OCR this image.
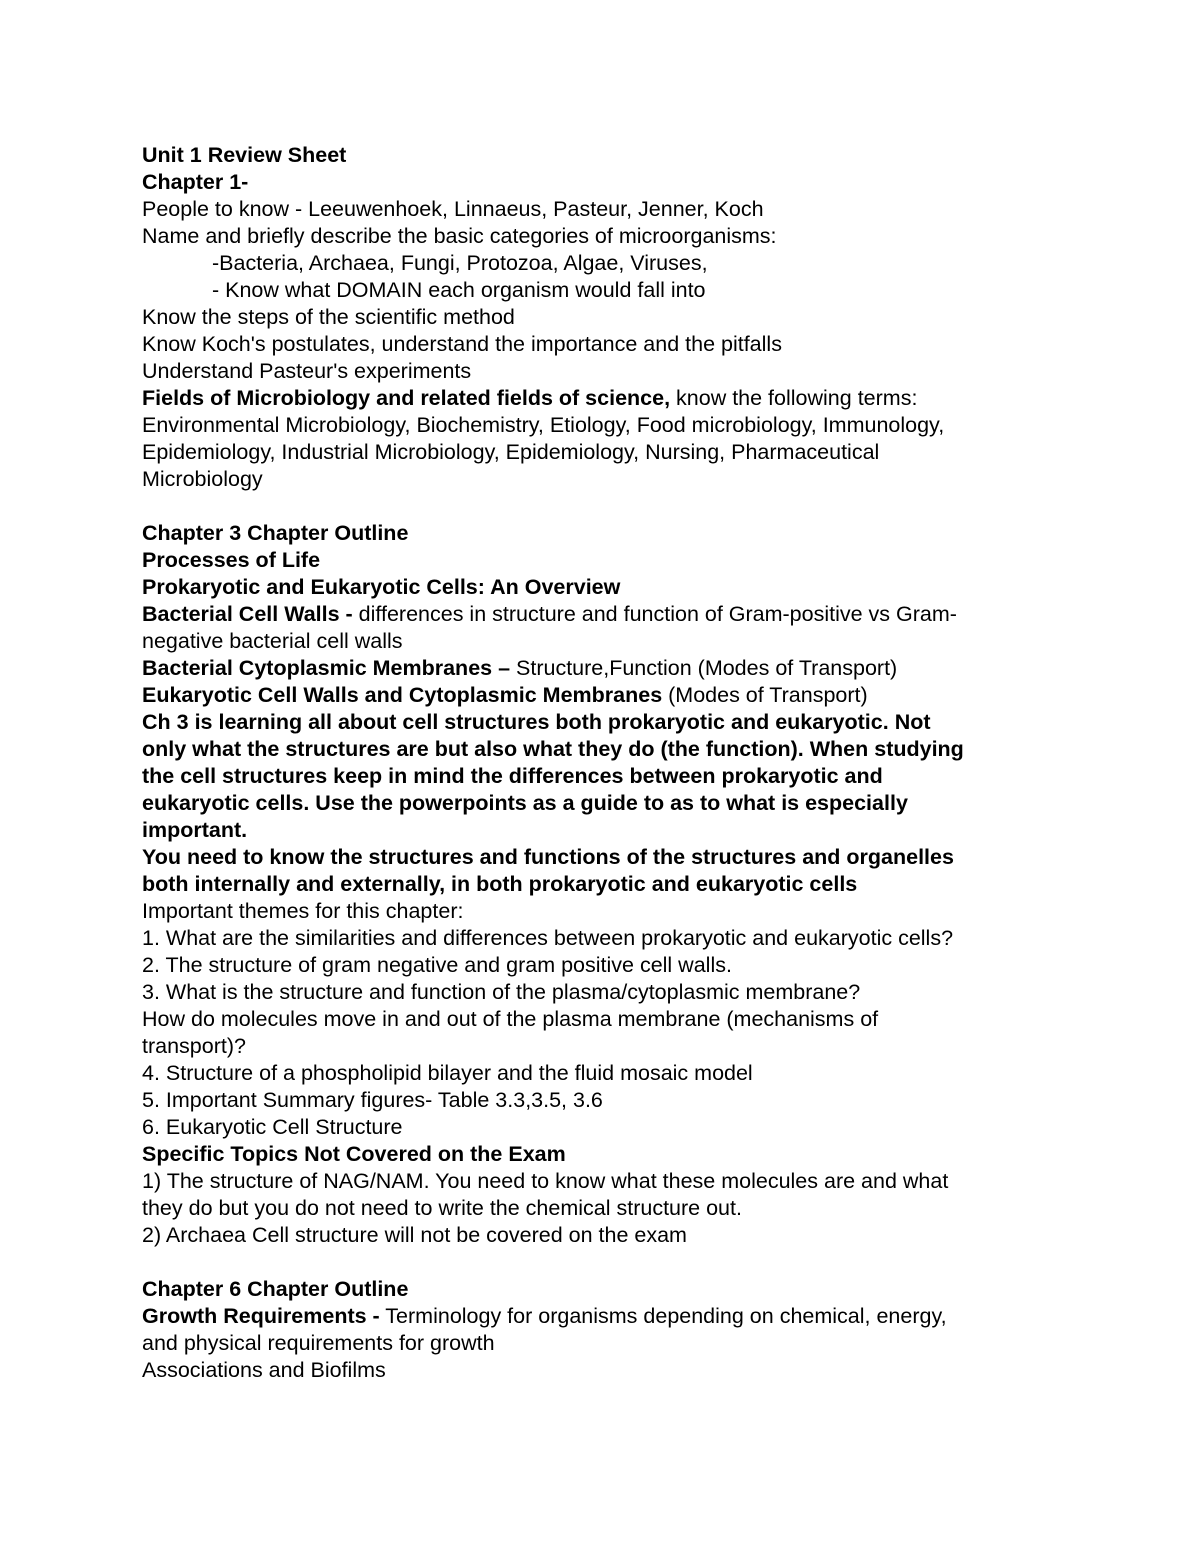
Unit 1 Review Sheet

Chapter 1-

People to know - Leeuwenhoek, Linnaeus, Pasteur, Jenner, Koch

Name and briefly describe the basic categories of microorganisms:

-Bacteria, Archaea, Fungi, Protozoa, Algae, Viruses,

- Know what DOMAIN each organism would fall into

Know the steps of the scientific method

Know Koch's postulates, understand the importance and the pitfalls

Understand Pasteur's experiments

Fields of Microbiology and related fields of science, know the following terms:

Environmental Microbiology, Biochemistry, Etiology, Food microbiology, Immunology,

Epidemiology, Industrial Microbiology, Epidemiology, Nursing, Pharmaceutical

Microbiology

Chapter 3 Chapter Outline

Processes of Life

Prokaryotic and Eukaryotic Cells: An Overview

Bacterial Cell Walls - differences in structure and function of Gram-positive vs Gram-

negative bacterial cell walls

Bacterial Cytoplasmic Membranes – Structure,Function (Modes of Transport)

Eukaryotic Cell Walls and Cytoplasmic Membranes (Modes of Transport)

Ch 3 is learning all about cell structures both prokaryotic and eukaryotic. Not

only what the structures are but also what they do (the function). When studying

the cell structures keep in mind the differences between prokaryotic and

eukaryotic cells. Use the powerpoints as a guide to as to what is especially

important.

You need to know the structures and functions of the structures and organelles

both internally and externally, in both prokaryotic and eukaryotic cells

Important themes for this chapter:

1. What are the similarities and differences between prokaryotic and eukaryotic cells?

2. The structure of gram negative and gram positive cell walls.

3. What is the structure and function of the plasma/cytoplasmic membrane?

How do molecules move in and out of the plasma membrane (mechanisms of

transport)?

4. Structure of a phospholipid bilayer and the fluid mosaic model

5. Important Summary figures- Table 3.3,3.5, 3.6

6. Eukaryotic Cell Structure

Specific Topics Not Covered on the Exam

1) The structure of NAG/NAM. You need to know what these molecules are and what

they do but you do not need to write the chemical structure out.

2) Archaea Cell structure will not be covered on the exam

Chapter 6 Chapter Outline

Growth Requirements - Terminology for organisms depending on chemical, energy,

and physical requirements for growth

Associations and Biofilms
